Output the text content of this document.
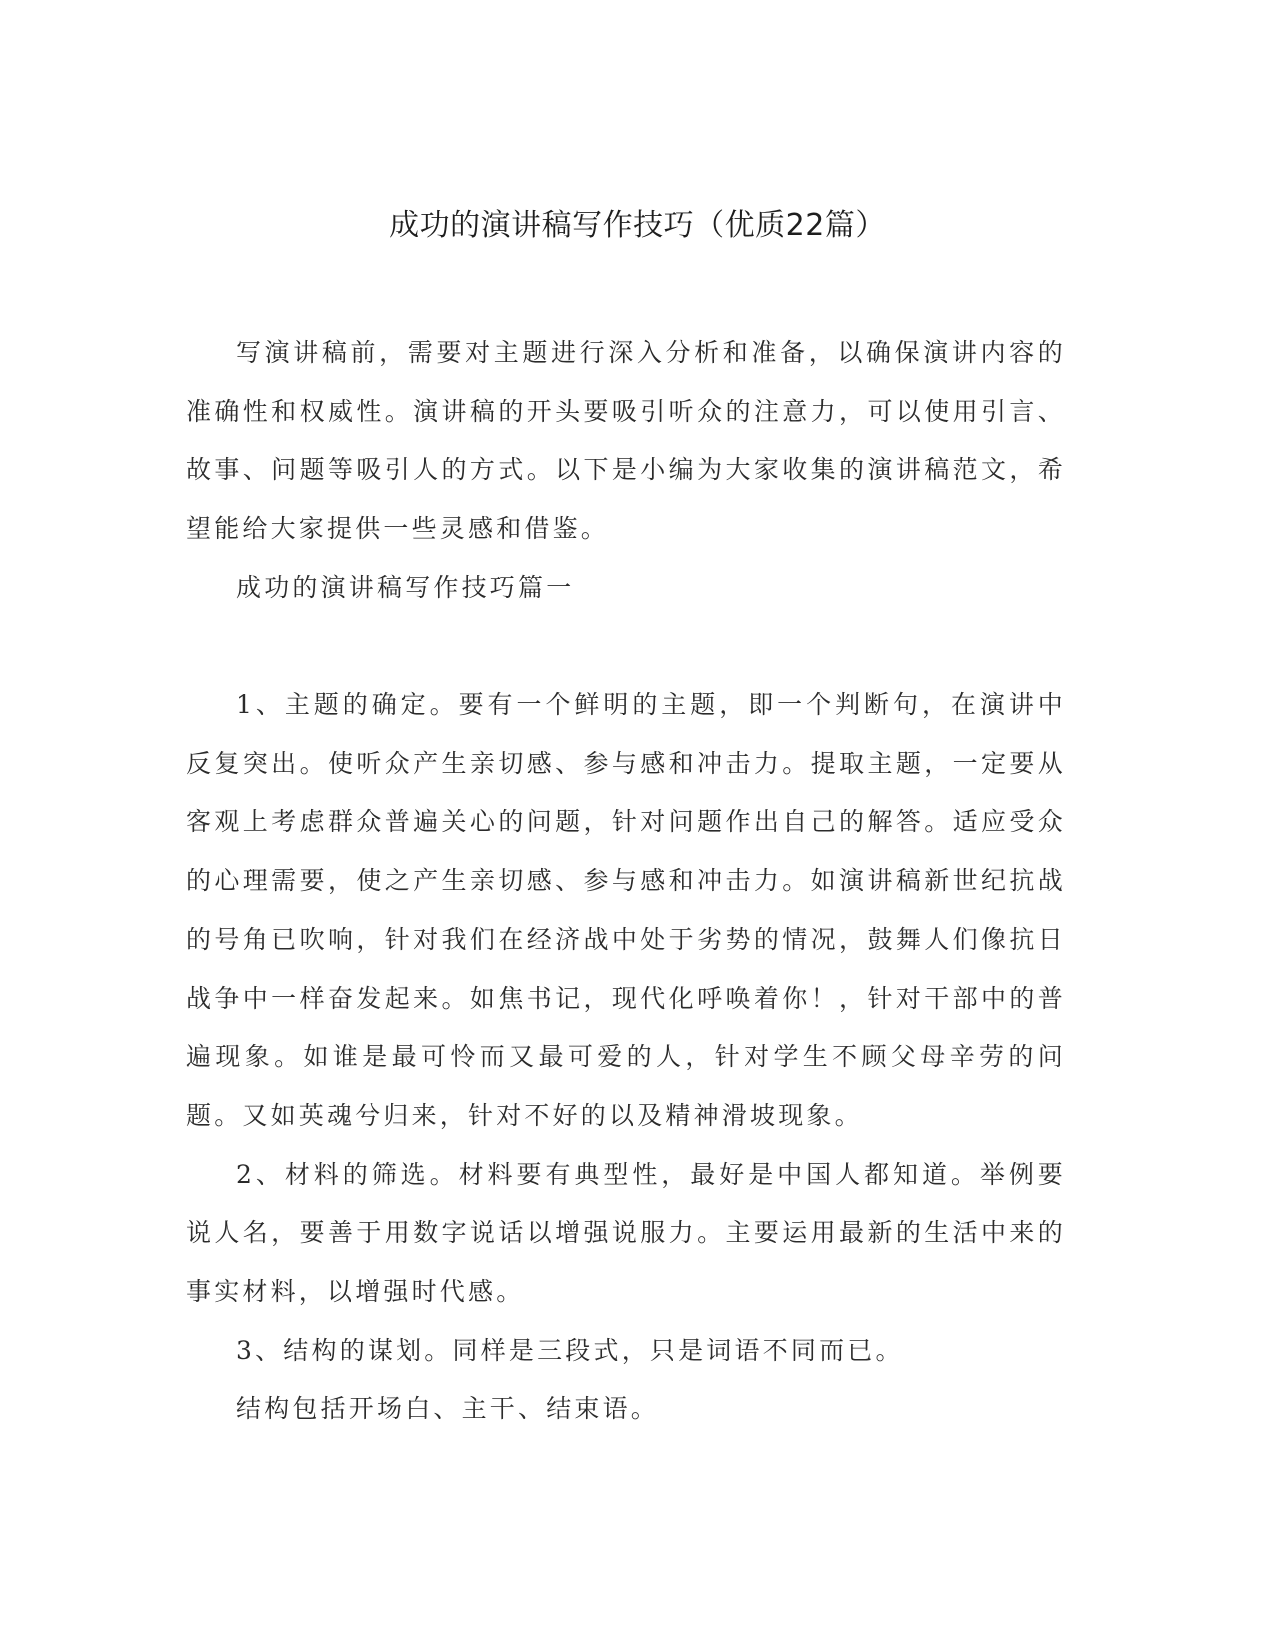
成功的演讲稿写作技巧（优质22篇）

写演讲稿前，需要对主题进行深入分析和准备，以确保演讲内容的准确性和权威性。演讲稿的开头要吸引听众的注意力，可以使用引言、故事、问题等吸引人的方式。以下是小编为大家收集的演讲稿范文，希望能给大家提供一些灵感和借鉴。

成功的演讲稿写作技巧篇一

1、主题的确定。要有一个鲜明的主题，即一个判断句，在演讲中反复突出。使听众产生亲切感、参与感和冲击力。提取主题，一定要从客观上考虑群众普遍关心的问题，针对问题作出自己的解答。适应受众的心理需要，使之产生亲切感、参与感和冲击力。如演讲稿新世纪抗战的号角已吹响，针对我们在经济战中处于劣势的情况，鼓舞人们像抗日战争中一样奋发起来。如焦书记，现代化呼唤着你！，针对干部中的普遍现象。如谁是最可怜而又最可爱的人，针对学生不顾父母辛劳的问题。又如英魂兮归来，针对不好的以及精神滑坡现象。

2、材料的筛选。材料要有典型性，最好是中国人都知道。举例要说人名，要善于用数字说话以增强说服力。主要运用最新的生活中来的事实材料，以增强时代感。

3、结构的谋划。同样是三段式，只是词语不同而已。

结构包括开场白、主干、结束语。
